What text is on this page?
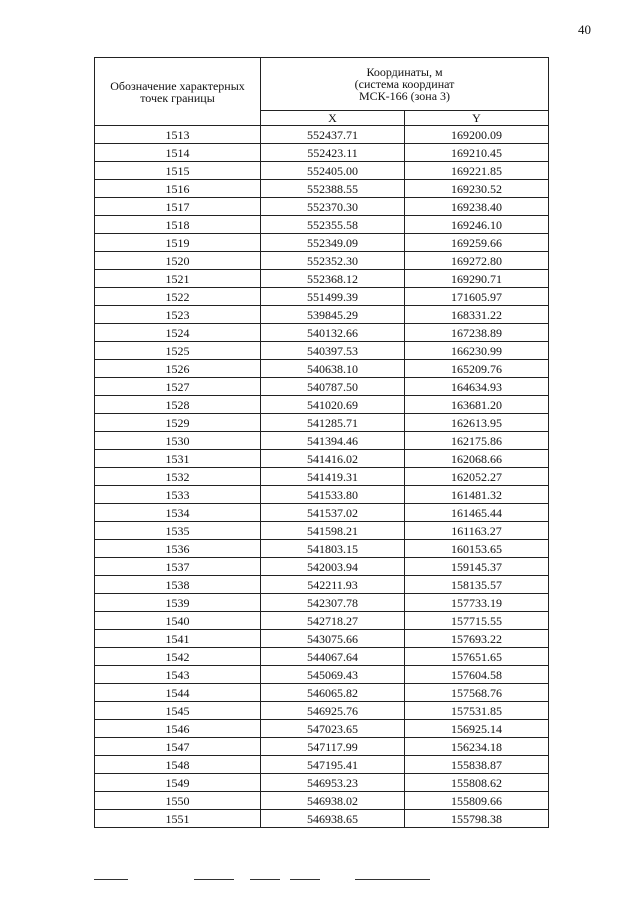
40
Обозначение характерных точек границы	Координаты, м
(система координат
МСК-166 (зона 3)	

	X	Y
1513	552437.71	169200.09
1514	552423.11	169210.45
1515	552405.00	169221.85
1516	552388.55	169230.52
1517	552370.30	169238.40
1518	552355.58	169246.10
1519	552349.09	169259.66
1520	552352.30	169272.80
1521	552368.12	169290.71
1522	551499.39	171605.97
1523	539845.29	168331.22
1524	540132.66	167238.89
1525	540397.53	166230.99
1526	540638.10	165209.76
1527	540787.50	164634.93
1528	541020.69	163681.20
1529	541285.71	162613.95
1530	541394.46	162175.86
1531	541416.02	162068.66
1532	541419.31	162052.27
1533	541533.80	161481.32
1534	541537.02	161465.44
1535	541598.21	161163.27
1536	541803.15	160153.65
1537	542003.94	159145.37
1538	542211.93	158135.57
1539	542307.78	157733.19
1540	542718.27	157715.55
1541	543075.66	157693.22
1542	544067.64	157651.65
1543	545069.43	157604.58
1544	546065.82	157568.76
1545	546925.76	157531.85
1546	547023.65	156925.14
1547	547117.99	156234.18
1548	547195.41	155838.87
1549	546953.23	155808.62
1550	546938.02	155809.66
1551	546938.65	155798.38
